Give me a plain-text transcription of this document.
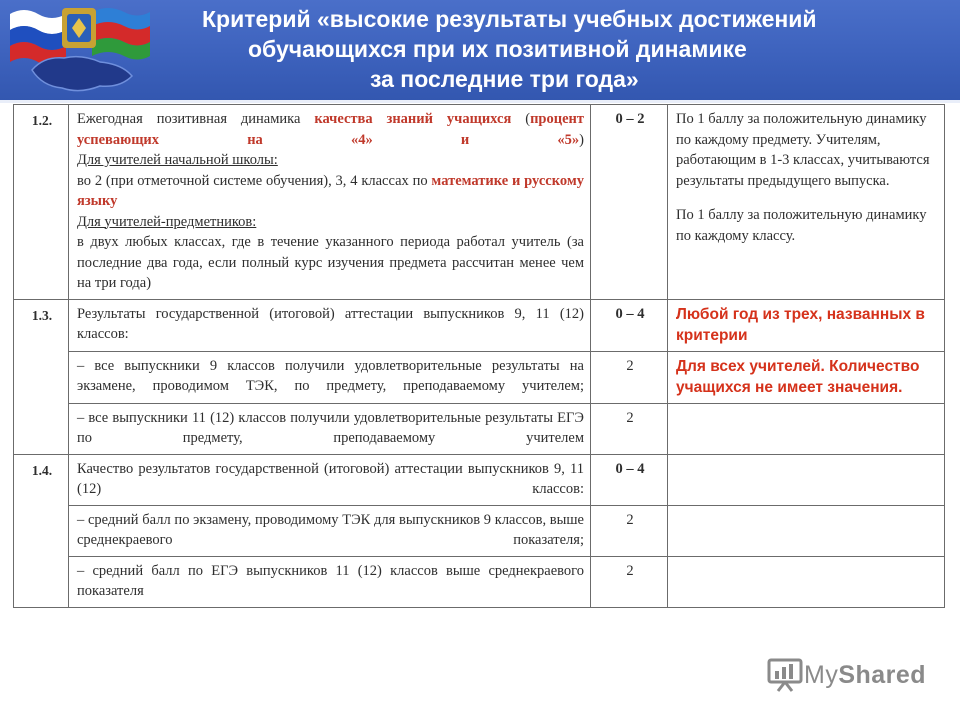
Критерий «высокие результаты учебных достижений
обучающихся при их позитивной динамике
за последние три года»
1.2.	Ежегодная позитивная динамика качества знаний учащихся (процент успевающих на «4» и «5»)
Для учителей начальной школы:
во 2 (при отметочной системе обучения), 3, 4 классах по математике и русскому языку
Для учителей-предметников:
в двух любых классах, где в течение указанного периода работал учитель (за последние два года, если полный курс изучения предмета рассчитан менее чем на три года)	0 – 2	По 1 баллу за положительную динамику по каждому предмету. Учителям, работающим в 1-3 классах, учитываются результаты предыдущего выпуска.
По 1 баллу за положительную динамику по каждому классу.

1.3.	Результаты государственной (итоговой) аттестации выпускников 9, 11 (12) классов:	0 – 4	Любой год из трех, названных в критерии
	– все выпускники 9 классов получили удовлетворительные результаты на экзамене, проводимом ТЭК, по предмету, преподаваемому учителем;	2	Для всех учителей. Количество учащихся не имеет значения.
	– все выпускники 11 (12) классов получили удовлетворительные результаты ЕГЭ по предмету, преподаваемому учителем	2	
1.4.	Качество результатов государственной (итоговой) аттестации выпускников 9, 11 (12) классов:	0 – 4	
	– средний балл по экзамену, проводимому ТЭК для выпускников 9 классов, выше среднекраевого показателя;	2	
	– средний балл по ЕГЭ выпускников 11 (12) классов выше среднекраевого показателя	2	
MyShared
